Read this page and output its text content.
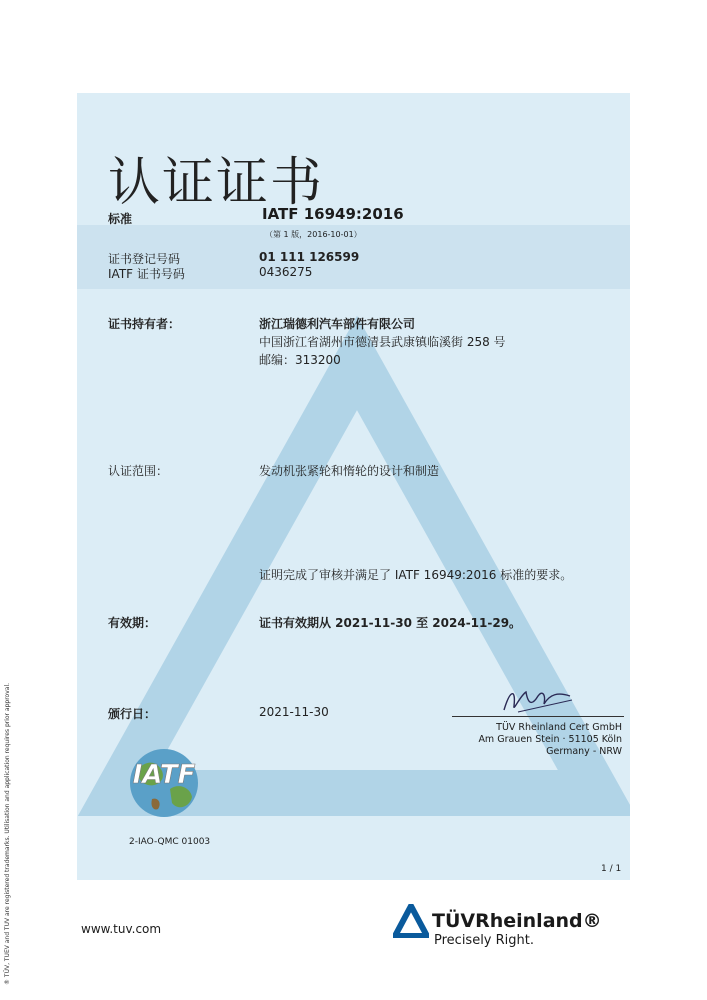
认证证书
标准	IATF 16949:2016
（第 1 版，2016-10-01）
证书登记号码	01 111 126599
IATF 证书号码	0436275
证书持有者：	浙江瑞德利汽车部件有限公司
中国浙江省湖州市德清县武康镇临溪街 258 号
邮编：313200
认证范围：	发动机张紧轮和惰轮的设计和制造
证明完成了审核并满足了 IATF 16949:2016 标准的要求。
有效期：	证书有效期从 2021-11-30 至 2024-11-29。
颁行日：	2021-11-30
TÜV Rheinland Cert GmbH
Am Grauen Stein · 51105 Köln
Germany - NRW
IATF
2-IAO-QMC 01003
1 / 1
www.tuv.com	TÜVRheinland®
Precisely Right.
® TÜV, TUEV and TUV are registered trademarks. Utilisation and application requires prior approval.
